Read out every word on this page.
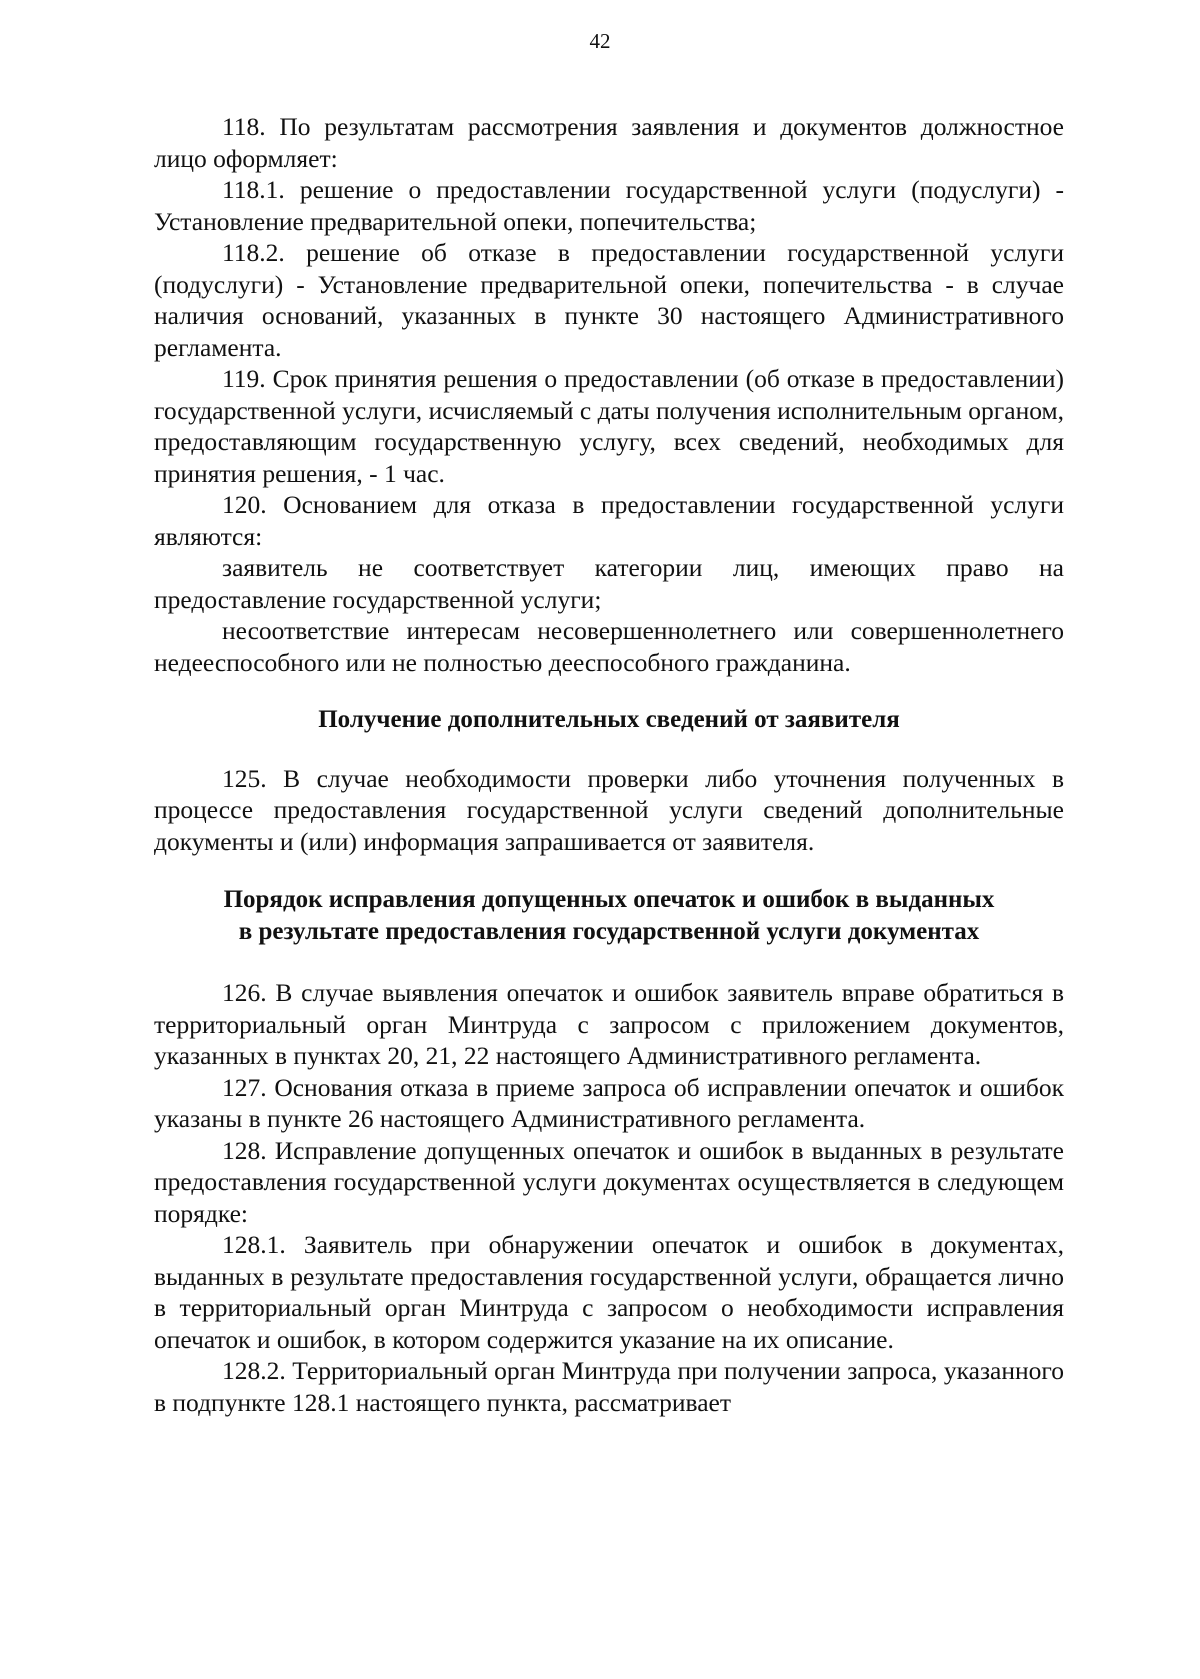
42

118. По результатам рассмотрения заявления и документов должностное лицо оформляет:

118.1. решение о предоставлении государственной услуги (подуслуги) - Установление предварительной опеки, попечительства;

118.2. решение об отказе в предоставлении государственной услуги (подуслуги) - Установление предварительной опеки, попечительства - в случае наличия оснований, указанных в пункте 30 настоящего Административного регламента.

119. Срок принятия решения о предоставлении (об отказе в предоставлении) государственной услуги, исчисляемый с даты получения исполнительным органом, предоставляющим государственную услугу, всех сведений, необходимых для принятия решения, - 1 час.

120. Основанием для отказа в предоставлении государственной услуги являются:

заявитель не соответствует категории лиц, имеющих право на предоставление государственной услуги;

несоответствие интересам несовершеннолетнего или совершеннолетнего недееспособного или не полностью дееспособного гражданина.

Получение дополнительных сведений от заявителя

125. В случае необходимости проверки либо уточнения полученных в процессе предоставления государственной услуги сведений дополнительные документы и (или) информация запрашивается от заявителя.

Порядок исправления допущенных опечаток и ошибок в выданных
в результате предоставления государственной услуги документах

126. В случае выявления опечаток и ошибок заявитель вправе обратиться в территориальный орган Минтруда с запросом с приложением документов, указанных в пунктах 20, 21, 22 настоящего Административного регламента.

127. Основания отказа в приеме запроса об исправлении опечаток и ошибок указаны в пункте 26 настоящего Административного регламента.

128. Исправление допущенных опечаток и ошибок в выданных в результате предоставления государственной услуги документах осуществляется в следующем порядке:

128.1. Заявитель при обнаружении опечаток и ошибок в документах, выданных в результате предоставления государственной услуги, обращается лично в территориальный орган Минтруда с запросом о необходимости исправления опечаток и ошибок, в котором содержится указание на их описание.

128.2. Территориальный орган Минтруда при получении запроса, указанного в подпункте 128.1 настоящего пункта, рассматривает
